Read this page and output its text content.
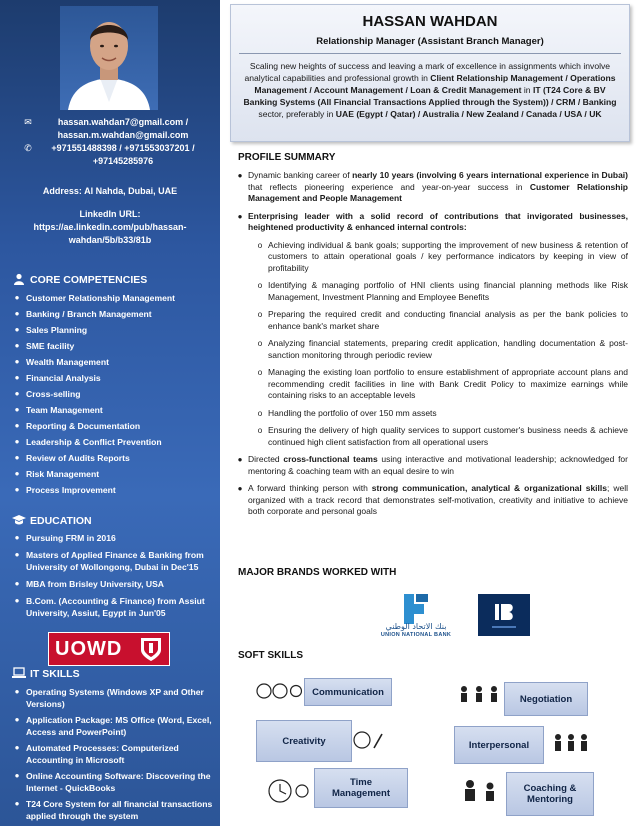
✉	hassan.wahdan7@gmail.com /
hassan.m.wahdan@gmail.com
✆	+971551488398 / +971553037201 /
+97145285976
Address: Al Nahda, Dubai, UAE
LinkedIn URL:
https://ae.linkedin.com/pub/hassan-
wahdan/5b/b33/81b
CORE COMPETENCIES
● Customer Relationship Management
● Banking / Branch Management
● Sales Planning
● SME facility
● Wealth Management
● Financial Analysis
● Cross-selling
● Team Management
● Reporting & Documentation
● Leadership & Conflict Prevention
● Review of Audits Reports
● Risk Management
● Process Improvement
EDUCATION
● Pursuing FRM in 2016
● Masters of Applied Finance & Banking from University of Wollongong, Dubai in Dec'15
● MBA from Brisley University, USA
● B.Com. (Accounting & Finance) from Assiut University, Assiut, Egypt in Jun'05
UOWD
IT SKILLS
● Operating Systems (Windows XP and Other Versions)
● Application Package: MS Office (Word, Excel, Access and PowerPoint)
● Automated Processes: Computerized Accounting in Microsoft
● Online Accounting Software: Discovering the Internet - QuickBooks
● T24 Core System for all financial transactions applied through the system
HASSAN WAHDAN
Relationship Manager (Assistant Branch Manager)
Scaling new heights of success and leaving a mark of excellence in assignments which involve analytical capabilities and professional growth in Client Relationship Management / Operations Management / Account Management / Loan & Credit Management in IT (T24 Core & BV Banking Systems (All Financial Transactions Applied through the System)) / CRM / Banking sector, preferably in UAE (Egypt / Qatar) / Australia / New Zealand / Canada / USA / UK
PROFILE SUMMARY
● Dynamic banking career of nearly 10 years (involving 6 years international experience in Dubai) that reflects pioneering experience and year-on-year success in Customer Relationship Management and People Management
● Enterprising leader with a solid record of contributions that invigorated businesses, heightened productivity & enhanced internal controls:
o Achieving individual & bank goals; supporting the improvement of new business & retention of customers to attain operational goals / key performance indicators by keeping in view of profitability
o Identifying & managing portfolio of HNI clients using financial planning methods like Risk Management, Investment Planning and Employee Benefits
o Preparing the required credit and conducting financial analysis as per the bank policies to enhance bank's market share
o Analyzing financial statements, preparing credit application, handling documentation & post-sanction monitoring through periodic review
o Managing the existing loan portfolio to ensure establishment of appropriate account plans and recommending credit facilities in line with Bank Credit Policy to maximize earnings while containing risks to an acceptable levels
o Handling the portfolio of over 150 mm assets
o Ensuring the delivery of high quality services to support customer's business needs & achieve continued high client satisfaction from all operational users
● Directed cross-functional teams using interactive and motivational leadership; acknowledged for mentoring & coaching team with an equal desire to win
● A forward thinking person with strong communication, analytical & organizational skills; well organized with a track record that demonstrates self-motivation, creativity and initiative to achieve both corporate and personal goals
MAJOR BRANDS WORKED WITH
بنك الاتحاد الوطني
UNION NATIONAL BANK
SOFT SKILLS
Communication
Negotiation
Creativity	Interpersonal
Time
Management	Coaching &
Mentoring
